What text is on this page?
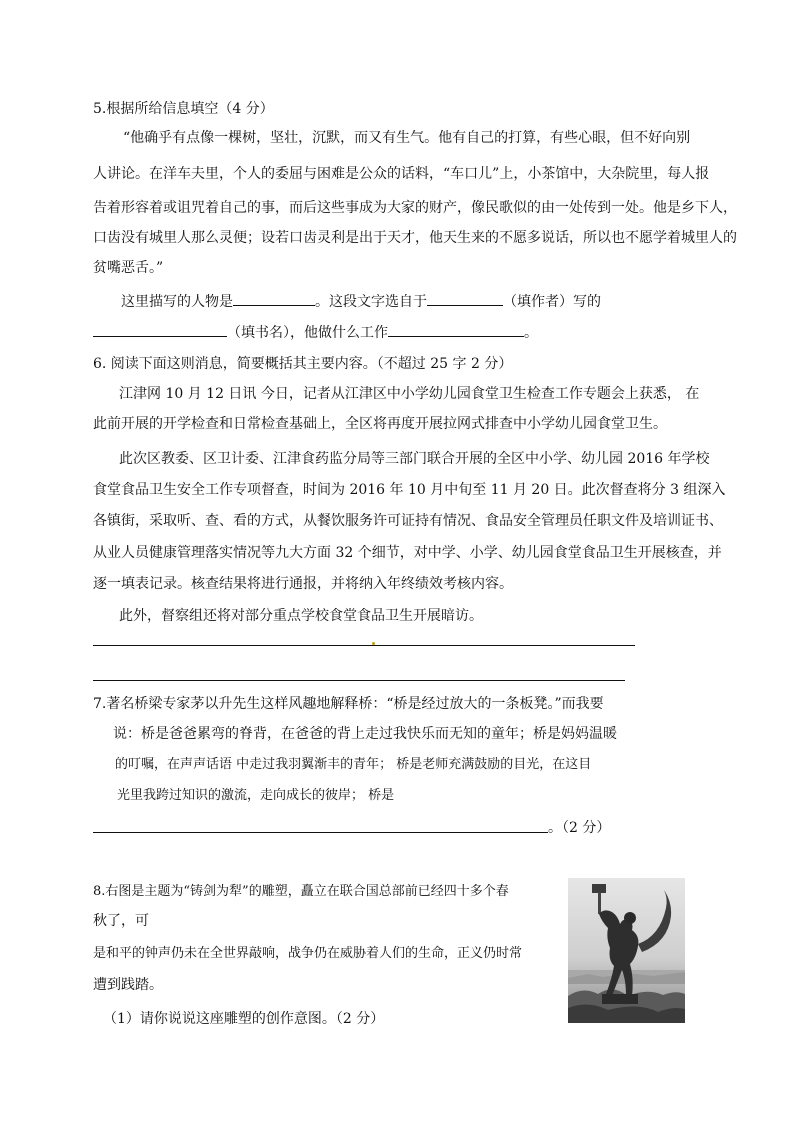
5.根据所给信息填空（4 分）
“他确乎有点像一棵树，坚壮，沉默，而又有生气。他有自己的打算，有些心眼，但不好向别
人讲论。在洋车夫里，个人的委屈与困难是公众的话料，“车口儿”上，小茶馆中，大杂院里，每人报
告着形容着或诅咒着自己的事，而后这些事成为大家的财产，像民歌似的由一处传到一处。他是乡下人，
口齿没有城里人那么灵便；设若口齿灵利是出于天才，他天生来的不愿多说话，所以也不愿学着城里人的
贫嘴恶舌。”
这里描写的人物是	。这段文字选自于	（填作者）写的
（填书名），他做什么工作	。
6. 阅读下面这则消息，简要概括其主要内容。（不超过 25 字 2 分）
江津网 10 月 12 日讯 今日，记者从江津区中小学幼儿园食堂卫生检查工作专题会上获悉， 在
此前开展的开学检查和日常检查基础上，全区将再度开展拉网式排查中小学幼儿园食堂卫生。
此次区教委、区卫计委、江津食药监分局等三部门联合开展的全区中小学、幼儿园 2016 年学校
食堂食品卫生安全工作专项督查，时间为 2016 年 10 月中旬至 11 月 20 日。此次督查将分 3 组深入
各镇街，采取听、查、看的方式，从餐饮服务许可证持有情况、食品安全管理员任职文件及培训证书、
从业人员健康管理落实情况等九大方面 32 个细节，对中学、小学、幼儿园食堂食品卫生开展核查，并
逐一填表记录。核查结果将进行通报，并将纳入年终绩效考核内容。
此外，督察组还将对部分重点学校食堂食品卫生开展暗访。
7.著名桥梁专家茅以升先生这样风趣地解释桥：“桥是经过放大的一条板凳。”而我要
说：桥是爸爸累弯的脊背，在爸爸的背上走过我快乐而无知的童年；桥是妈妈温暖
的叮嘱，在声声话语 中走过我羽翼渐丰的青年； 桥是老师充满鼓励的目光，在这目
光里我跨过知识的激流，走向成长的彼岸； 桥是
。（2 分）
8.右图是主题为“铸剑为犁”的雕塑，矗立在联合国总部前已经四十多个春
秋了，可
是和平的钟声仍未在全世界敲响，战争仍在威胁着人们的生命，正义仍时常
遭到践踏。
（1）请你说说这座雕塑的创作意图。（2 分）
